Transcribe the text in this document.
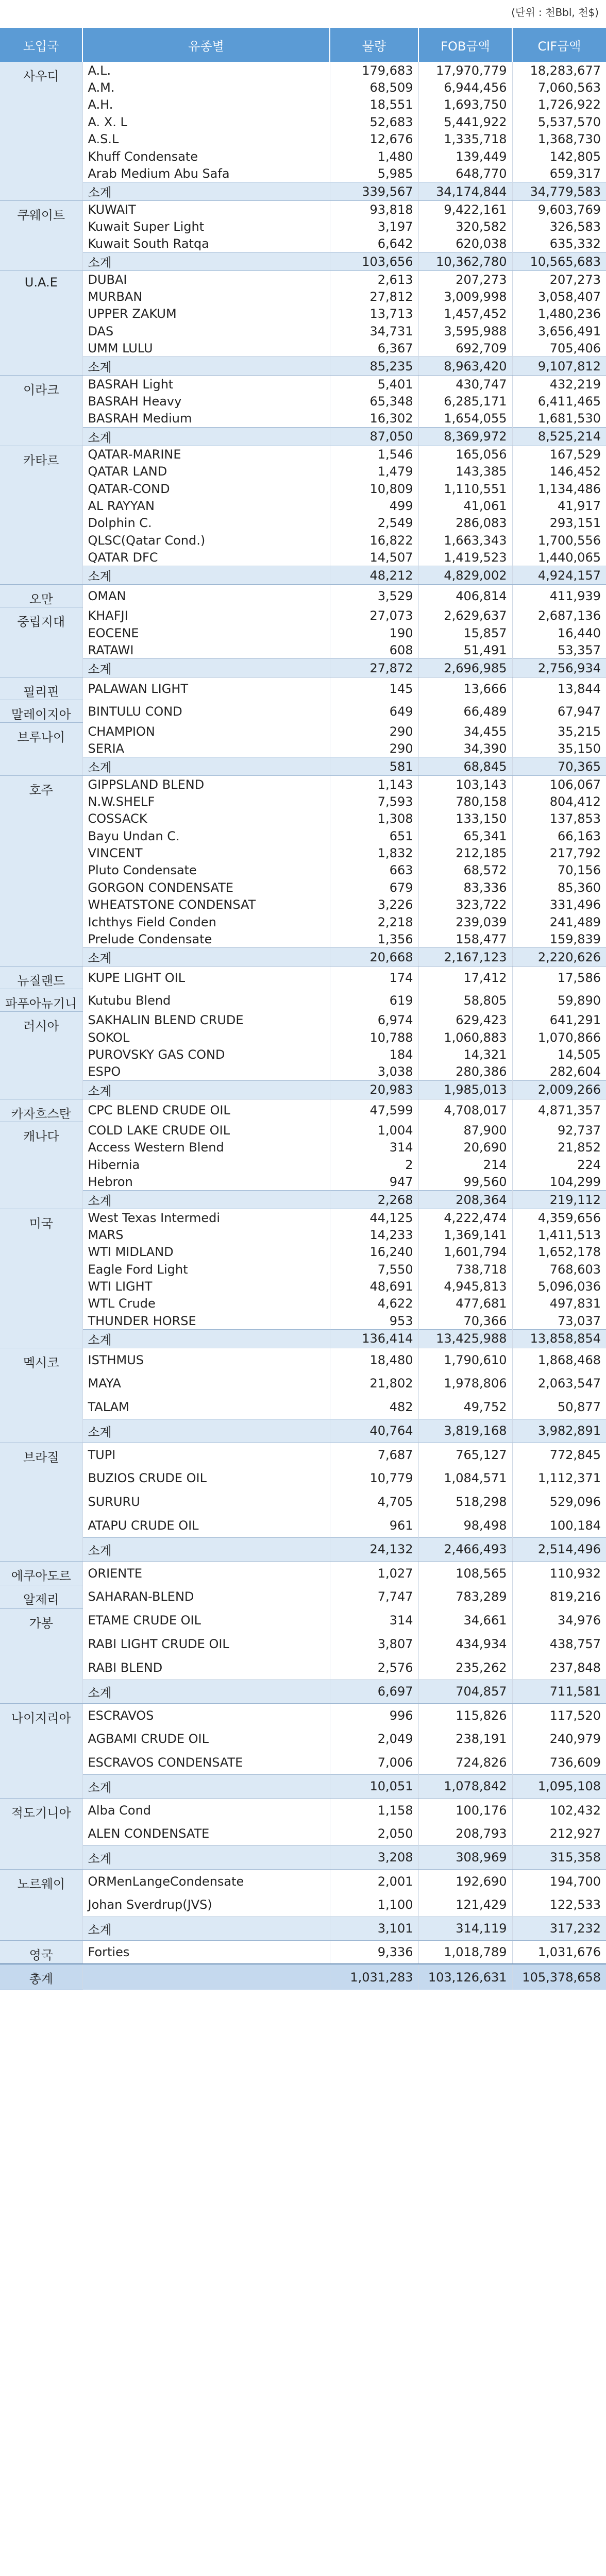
(단위 : 천Bbl, 천$)
도입국	유종별	물량	FOB금액	CIF금액
사우디	A.L.	179,683	17,970,779	18,283,677
	A.M.	68,509	6,944,456	7,060,563
	A.H.	18,551	1,693,750	1,726,922
	A. X. L	52,683	5,441,922	5,537,570
	A.S.L	12,676	1,335,718	1,368,730
	Khuff Condensate	1,480	139,449	142,805
	Arab Medium Abu Safa	5,985	648,770	659,317
	소계	339,567	34,174,844	34,779,583
쿠웨이트	KUWAIT	93,818	9,422,161	9,603,769
	Kuwait Super Light	3,197	320,582	326,583
	Kuwait South Ratqa	6,642	620,038	635,332
	소계	103,656	10,362,780	10,565,683
U.A.E	DUBAI	2,613	207,273	207,273
	MURBAN	27,812	3,009,998	3,058,407
	UPPER ZAKUM	13,713	1,457,452	1,480,236
	DAS	34,731	3,595,988	3,656,491
	UMM LULU	6,367	692,709	705,406
	소계	85,235	8,963,420	9,107,812
이라크	BASRAH Light	5,401	430,747	432,219
	BASRAH Heavy	65,348	6,285,171	6,411,465
	BASRAH Medium	16,302	1,654,055	1,681,530
	소계	87,050	8,369,972	8,525,214
카타르	QATAR-MARINE	1,546	165,056	167,529
	QATAR LAND	1,479	143,385	146,452
	QATAR-COND	10,809	1,110,551	1,134,486
	AL RAYYAN	499	41,061	41,917
	Dolphin C.	2,549	286,083	293,151
	QLSC(Qatar Cond.)	16,822	1,663,343	1,700,556
	QATAR DFC	14,507	1,419,523	1,440,065
	소계	48,212	4,829,002	4,924,157
오만	OMAN	3,529	406,814	411,939
중립지대	KHAFJI	27,073	2,629,637	2,687,136
	EOCENE	190	15,857	16,440
	RATAWI	608	51,491	53,357
	소계	27,872	2,696,985	2,756,934
필리핀	PALAWAN LIGHT	145	13,666	13,844
말레이지아	BINTULU COND	649	66,489	67,947
브루나이	CHAMPION	290	34,455	35,215
	SERIA	290	34,390	35,150
	소계	581	68,845	70,365
호주	GIPPSLAND BLEND	1,143	103,143	106,067
	N.W.SHELF	7,593	780,158	804,412
	COSSACK	1,308	133,150	137,853
	Bayu Undan C.	651	65,341	66,163
	VINCENT	1,832	212,185	217,792
	Pluto Condensate	663	68,572	70,156
	GORGON CONDENSATE	679	83,336	85,360
	WHEATSTONE CONDENSAT	3,226	323,722	331,496
	Ichthys Field Conden	2,218	239,039	241,489
	Prelude Condensate	1,356	158,477	159,839
	소계	20,668	2,167,123	2,220,626
뉴질랜드	KUPE LIGHT OIL	174	17,412	17,586
파푸아뉴기니	Kutubu Blend	619	58,805	59,890
러시아	SAKHALIN BLEND CRUDE	6,974	629,423	641,291
	SOKOL	10,788	1,060,883	1,070,866
	PUROVSKY GAS COND	184	14,321	14,505
	ESPO	3,038	280,386	282,604
	소계	20,983	1,985,013	2,009,266
카자흐스탄	CPC BLEND CRUDE OIL	47,599	4,708,017	4,871,357
캐나다	COLD LAKE CRUDE OIL	1,004	87,900	92,737
	Access Western Blend	314	20,690	21,852
	Hibernia	2	214	224
	Hebron	947	99,560	104,299
	소계	2,268	208,364	219,112
미국	West Texas Intermedi	44,125	4,222,474	4,359,656
	MARS	14,233	1,369,141	1,411,513
	WTI MIDLAND	16,240	1,601,794	1,652,178
	Eagle Ford Light	7,550	738,718	768,603
	WTI LIGHT	48,691	4,945,813	5,096,036
	WTL Crude	4,622	477,681	497,831
	THUNDER HORSE	953	70,366	73,037
	소계	136,414	13,425,988	13,858,854
멕시코	ISTHMUS	18,480	1,790,610	1,868,468
	MAYA	21,802	1,978,806	2,063,547
	TALAM	482	49,752	50,877
	소계	40,764	3,819,168	3,982,891
브라질	TUPI	7,687	765,127	772,845
	BUZIOS CRUDE OIL	10,779	1,084,571	1,112,371
	SURURU	4,705	518,298	529,096
	ATAPU CRUDE OIL	961	98,498	100,184
	소계	24,132	2,466,493	2,514,496
에쿠아도르	ORIENTE	1,027	108,565	110,932
알제리	SAHARAN-BLEND	7,747	783,289	819,216
가봉	ETAME CRUDE OIL	314	34,661	34,976
	RABI LIGHT CRUDE OIL	3,807	434,934	438,757
	RABI BLEND	2,576	235,262	237,848
	소계	6,697	704,857	711,581
나이지리아	ESCRAVOS	996	115,826	117,520
	AGBAMI CRUDE OIL	2,049	238,191	240,979
	ESCRAVOS CONDENSATE	7,006	724,826	736,609
	소계	10,051	1,078,842	1,095,108
적도기니아	Alba Cond	1,158	100,176	102,432
	ALEN CONDENSATE	2,050	208,793	212,927
	소계	3,208	308,969	315,358
노르웨이	ORMenLangeCondensate	2,001	192,690	194,700
	Johan Sverdrup(JVS)	1,100	121,429	122,533
	소계	3,101	314,119	317,232
영국	Forties	9,336	1,018,789	1,031,676
총계		1,031,283	103,126,631	105,378,658
